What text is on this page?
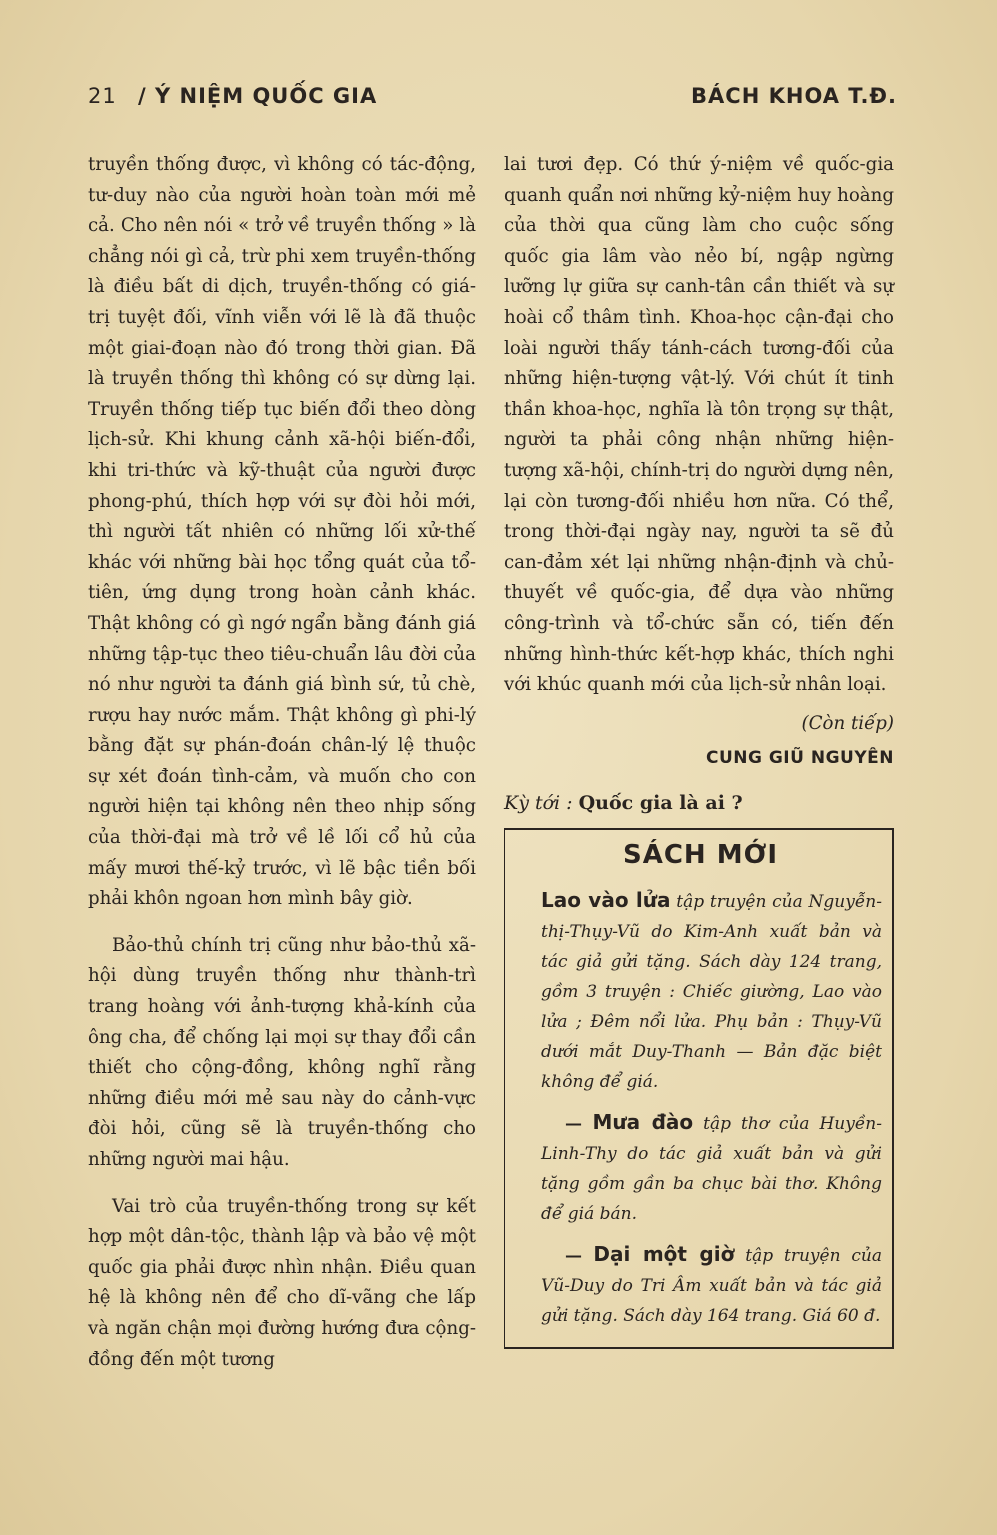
21 / Ý NIỆM QUỐC GIA	BÁCH KHOA T.Đ.

truyền thống được, vì không có tác-động, tư-duy nào của người hoàn toàn mới mẻ cả. Cho nên nói « trở về truyền thống » là chẳng nói gì cả, trừ phi xem truyền-thống là điều bất di dịch, truyền-thống có giá-trị tuyệt đối, vĩnh viễn với lẽ là đã thuộc một giai-đoạn nào đó trong thời gian. Đã là truyền thống thì không có sự dừng lại. Truyền thống tiếp tục biến đổi theo dòng lịch-sử. Khi khung cảnh xã-hội biến-đổi, khi tri-thức và kỹ-thuật của người được phong-phú, thích hợp với sự đòi hỏi mới, thì người tất nhiên có những lối xử-thế khác với những bài học tổng quát của tổ-tiên, ứng dụng trong hoàn cảnh khác. Thật không có gì ngớ ngẩn bằng đánh giá những tập-tục theo tiêu-chuẩn lâu đời của nó như người ta đánh giá bình sứ, tủ chè, rượu hay nước mắm. Thật không gì phi-lý bằng đặt sự phán-đoán chân-lý lệ thuộc sự xét đoán tình-cảm, và muốn cho con người hiện tại không nên theo nhịp sống của thời-đại mà trở về lề lối cổ hủ của mấy mươi thế-kỷ trước, vì lẽ bậc tiền bối phải khôn ngoan hơn mình bây giờ.

Bảo-thủ chính trị cũng như bảo-thủ xã-hội dùng truyền thống như thành-trì trang hoàng với ảnh-tượng khả-kính của ông cha, để chống lại mọi sự thay đổi cần thiết cho cộng-đồng, không nghĩ rằng những điều mới mẻ sau này do cảnh-vực đòi hỏi, cũng sẽ là truyền-thống cho những người mai hậu.

Vai trò của truyền-thống trong sự kết hợp một dân-tộc, thành lập và bảo vệ một quốc gia phải được nhìn nhận. Điều quan hệ là không nên để cho dĩ-vãng che lấp và ngăn chận mọi đường hướng đưa cộng-đồng đến một tương

lai tươi đẹp. Có thứ ý-niệm về quốc-gia quanh quẩn nơi những kỷ-niệm huy hoàng của thời qua cũng làm cho cuộc sống quốc gia lâm vào nẻo bí, ngập ngừng lưỡng lự giữa sự canh-tân cần thiết và sự hoài cổ thâm tình. Khoa-học cận-đại cho loài người thấy tánh-cách tương-đối của những hiện-tượng vật-lý. Với chút ít tinh thần khoa-học, nghĩa là tôn trọng sự thật, người ta phải công nhận những hiện-tượng xã-hội, chính-trị do người dựng nên, lại còn tương-đối nhiều hơn nữa. Có thể, trong thời-đại ngày nay, người ta sẽ đủ can-đảm xét lại những nhận-định và chủ-thuyết về quốc-gia, để dựa vào những công-trình và tổ-chức sẵn có, tiến đến những hình-thức kết-hợp khác, thích nghi với khúc quanh mới của lịch-sử nhân loại.

(Còn tiếp)
CUNG GIŨ NGUYÊN
Kỳ tới : Quốc gia là ai ?
SÁCH MỚI

Lao vào lửa tập truyện của Nguyễn-thị-Thụy-Vũ do Kim-Anh xuất bản và tác giả gửi tặng. Sách dày 124 trang, gồm 3 truyện : Chiếc giường, Lao vào lửa ; Đêm nổi lửa. Phụ bản : Thụy-Vũ dưới mắt Duy-Thanh — Bản đặc biệt không để giá.

— Mưa đào tập thơ của Huyền-Linh-Thy do tác giả xuất bản và gửi tặng gồm gần ba chục bài thơ. Không để giá bán.

— Dại một giờ tập truyện của Vũ-Duy do Tri Âm xuất bản và tác giả gửi tặng. Sách dày 164 trang. Giá 60 đ.
